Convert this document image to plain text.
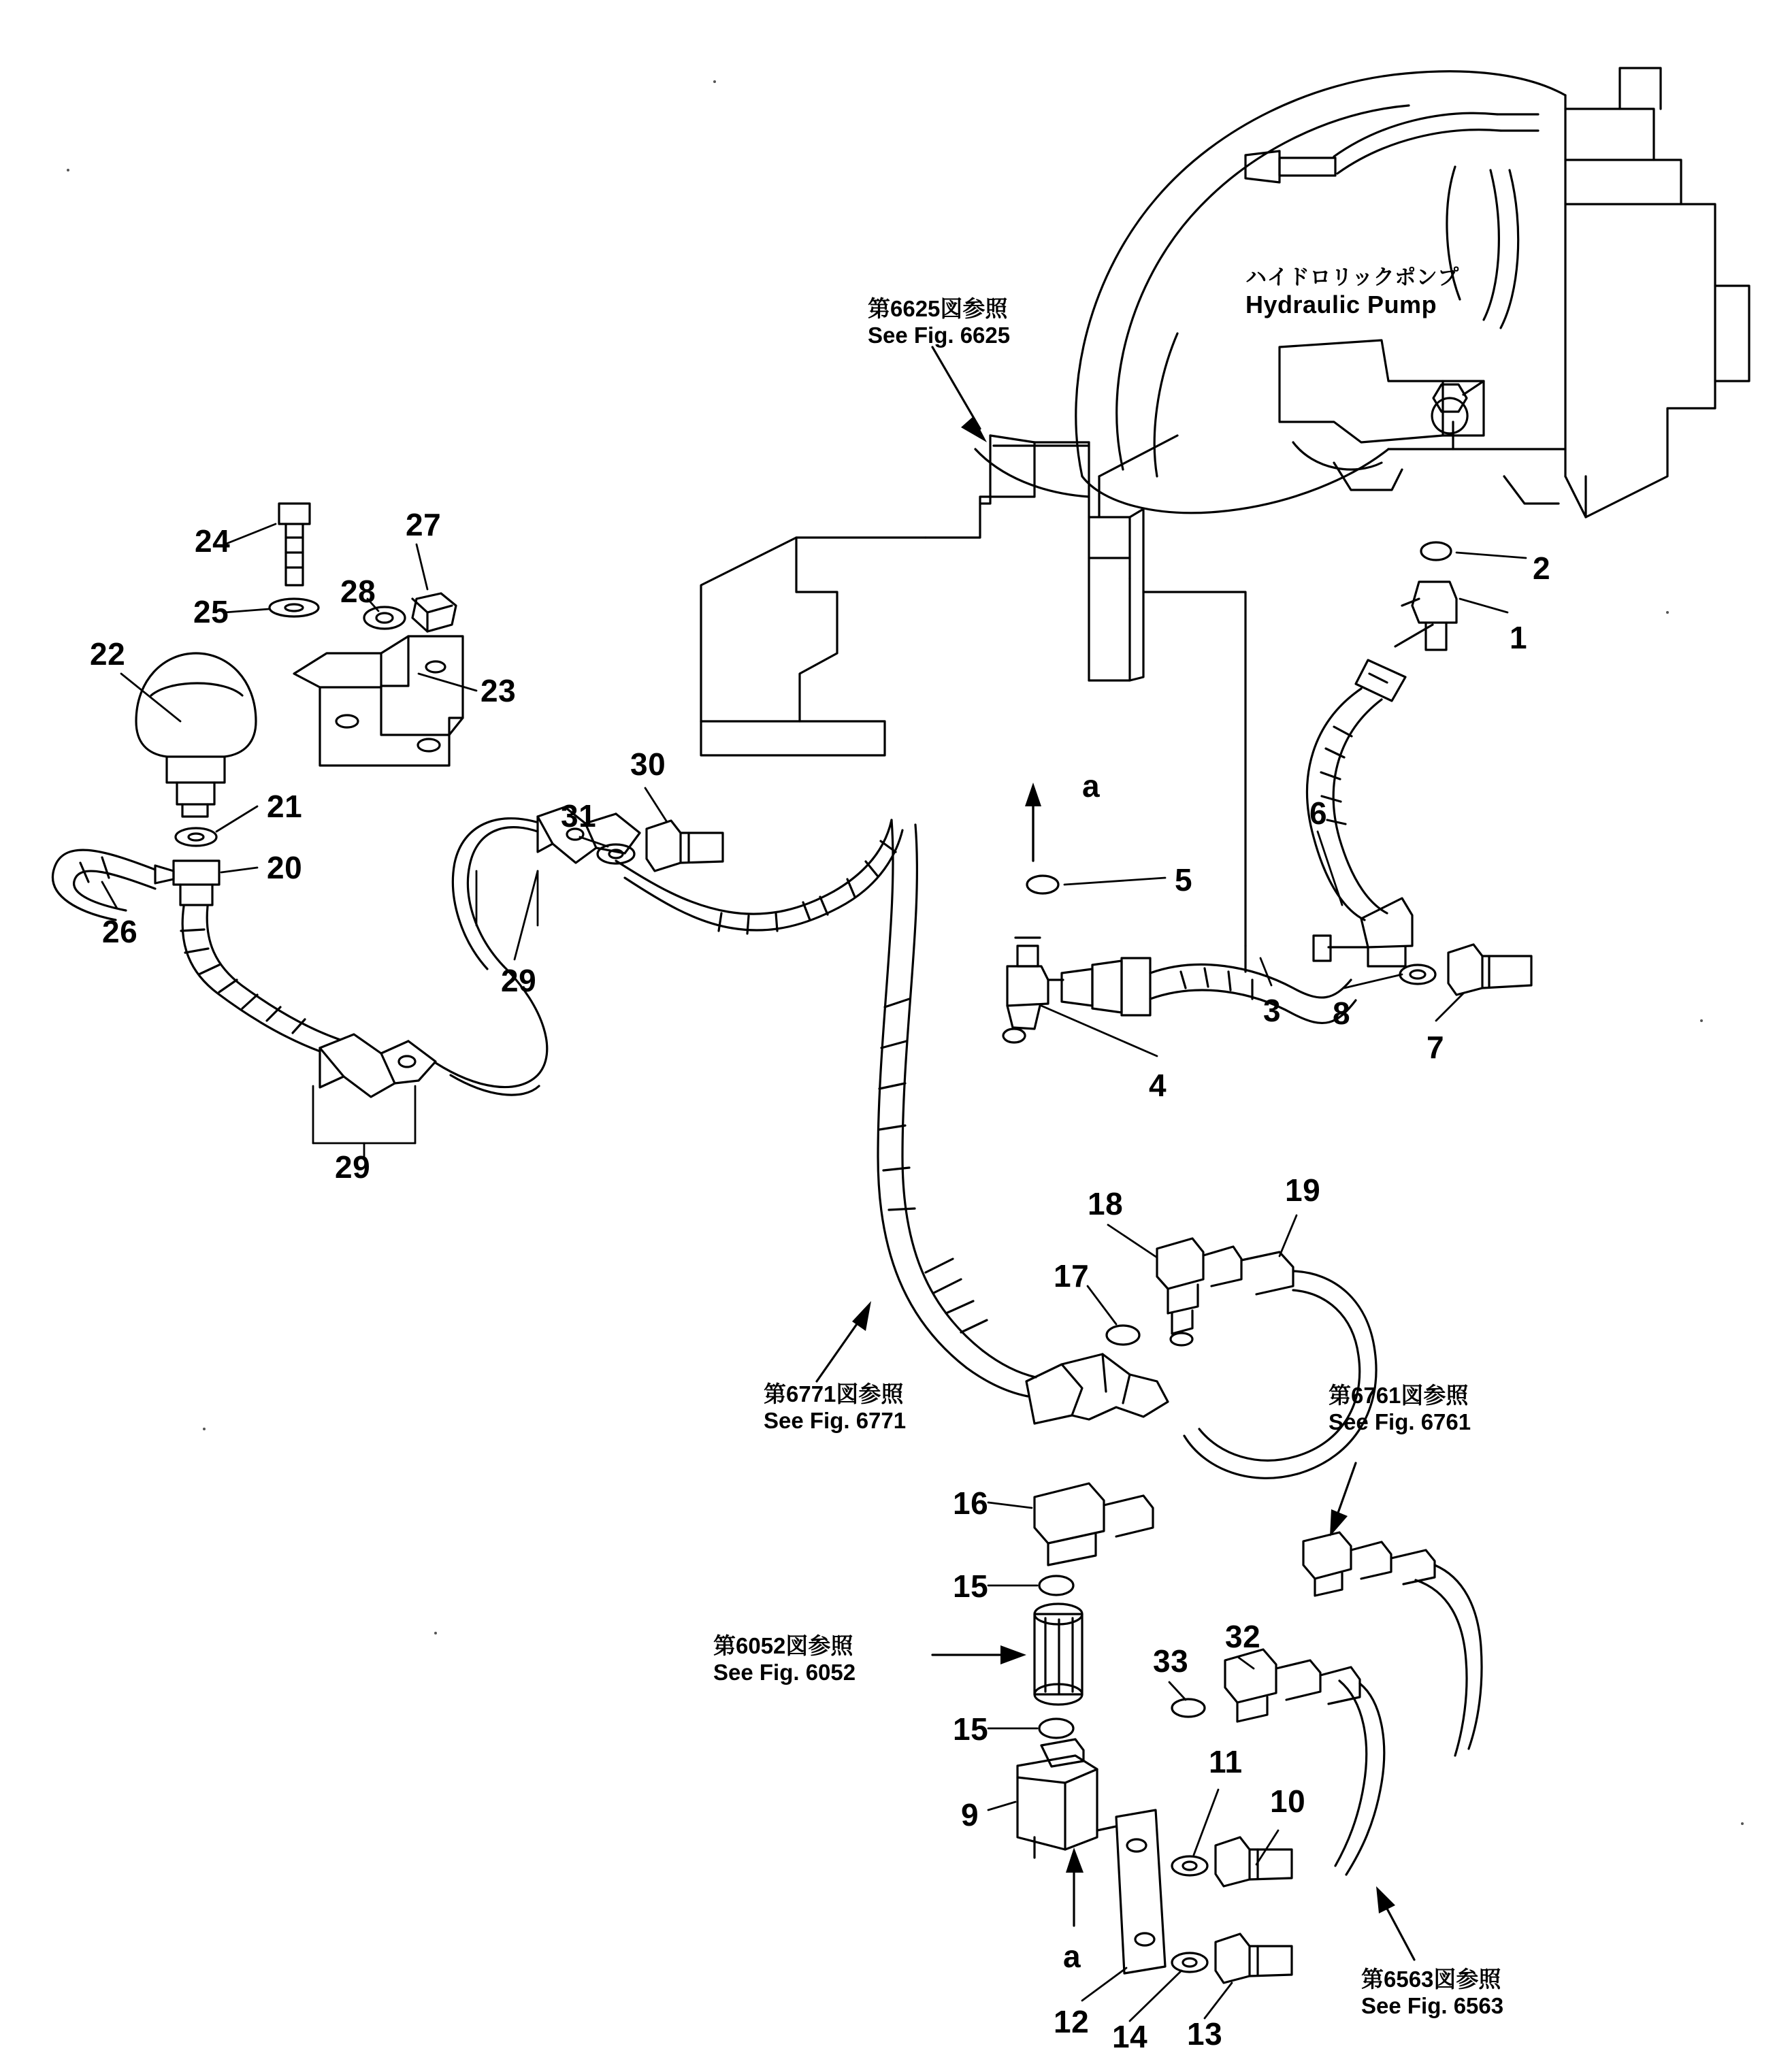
ハイドロリックポンプ
Hydraulic Pump
第6625図参照
See Fig. 6625
第6771図参照
See Fig. 6771
第6761図参照
See Fig. 6761
第6052図参照
See Fig. 6052
第6563図参照
See Fig. 6563
a
a
1
2
3
4
5
6
7
8
9	10
11
12	13
14
15
15
16
17
18	19
20
21
22
23
24
25
26
27
28
29
29
30
31
32
33
